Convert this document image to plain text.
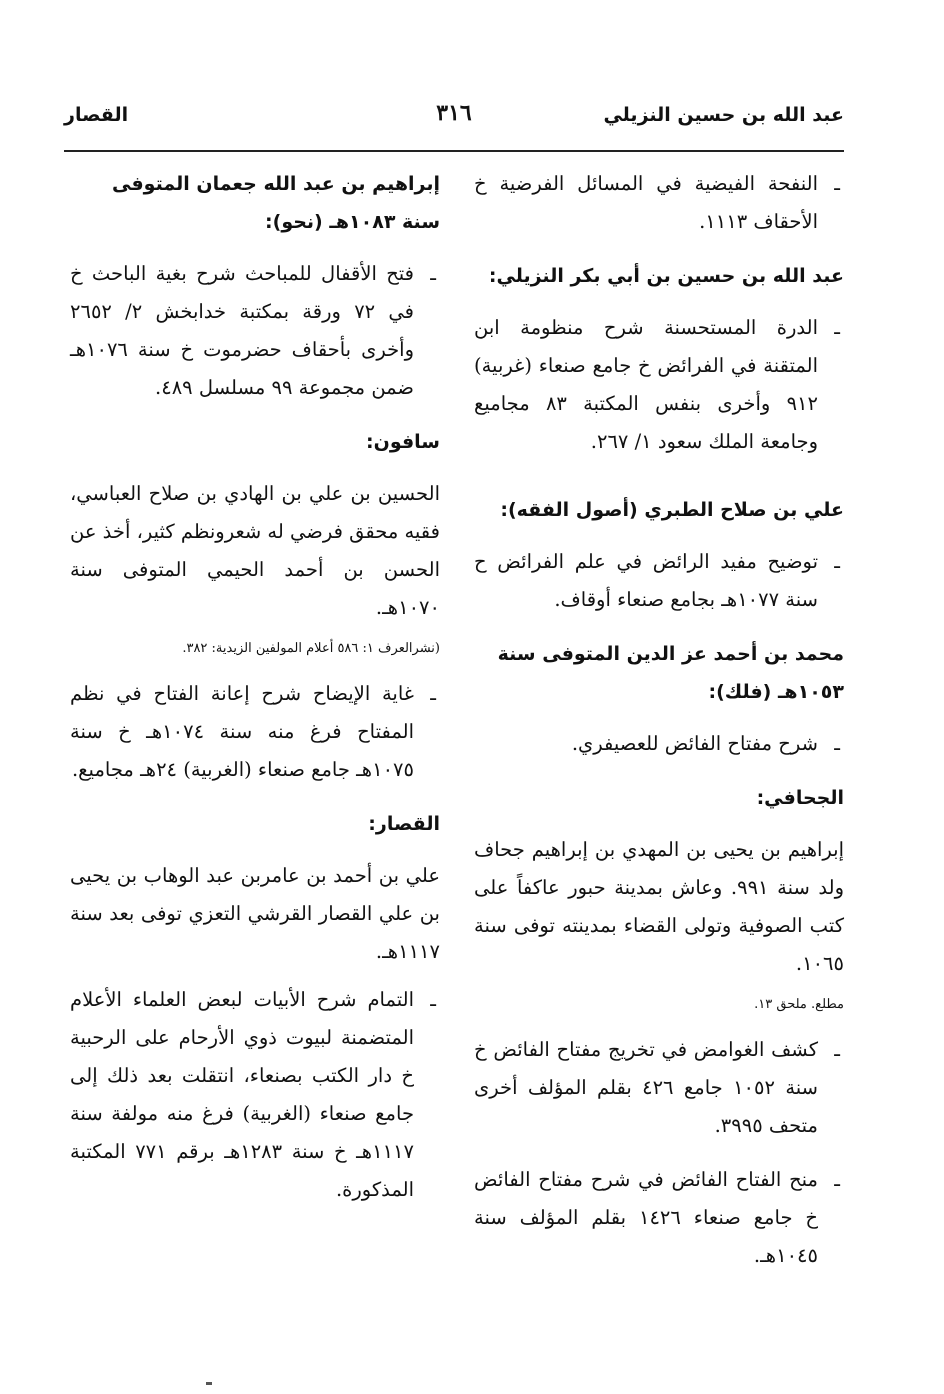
عبد الله بن حسين النزيلي
٣١٦
القصار
ـ
النفحة الفيضية في المسائل الفرضية خ الأحقاف ١١١٣.
عبد الله بن حسين بن أبي بكر النزيلي:
ـ
الدرة المستحسنة شرح منظومة ابن المتقنة في الفرائض خ جامع صنعاء (غربية) ٩١٢ وأخرى بنفس المكتبة ٨٣ مجاميع وجامعة الملك سعود ١/ ٢٦٧.
علي بن صلاح الطبري (أصول الفقه):
ـ
توضيح مفيد الرائض في علم الفرائض ح سنة ١٠٧٧هـ بجامع صنعاء أوقاف.
محمد بن أحمد عز الدين المتوفى سنة ١٠٥٣هـ (فلك):
ـ
شرح مفتاح الفائض للعصيفري.
الجحافي:
إبراهيم بن يحيى بن المهدي بن إبراهيم جحاف ولد سنة ٩٩١. وعاش بمدينة حبور عاكفاً على كتب الصوفية وتولى القضاء بمدينته توفى سنة ١٠٦٥.
مطلع. ملحق ١٣.
ـ
كشف الغوامض في تخريج مفتاح الفائض خ سنة ١٠٥٢ جامع ٤٢٦ بقلم المؤلف أخرى متحف ٣٩٩٥.
ـ
منح الفتاح الفائض في شرح مفتاح الفائض خ جامع صنعاء ١٤٢٦ بقلم المؤلف سنة ١٠٤٥هـ.
إبراهيم بن عبد الله جعمان المتوفى سنة ١٠٨٣هـ (نحو):
ـ
فتح الأقفال للمباحث شرح بغية الباحث خ في ٧٢ ورقة بمكتبة خدابخش ٢/ ٢٦٥٢ وأخرى بأحقاف حضرموت خ سنة ١٠٧٦هـ ضمن مجموعة ٩٩ مسلسل ٤٨٩.
سافون:
الحسين بن علي بن الهادي بن صلاح العباسي، فقيه محقق فرضي له شعرونظم كثير، أخذ عن الحسن بن أحمد الحيمي المتوفى سنة ١٠٧٠هـ.
(نشرالعرف ١: ٥٨٦ أعلام المولفين الزيدية: ٣٨٢.
ـ
غاية الإيضاح شرح إعانة الفتاح في نظم المفتاح فرغ منه سنة ١٠٧٤هـ خ سنة ١٠٧٥هـ جامع صنعاء (الغربية) ٢٤هـ مجاميع.
القصار:
علي بن أحمد بن عامربن عبد الوهاب بن يحيى بن علي القصار القرشي التعزي توفى بعد سنة ١١١٧هـ.
ـ
التمام شرح الأبيات لبعض العلماء الأعلام المتضمنة لبيوت ذوي الأرحام على الرحبية خ دار الكتب بصنعاء، انتقلت بعد ذلك إلى جامع صنعاء (الغربية) فرغ منه مولفة سنة ١١١٧هـ خ سنة ١٢٨٣هـ برقم ٧٧١ المكتبة المذكورة.
